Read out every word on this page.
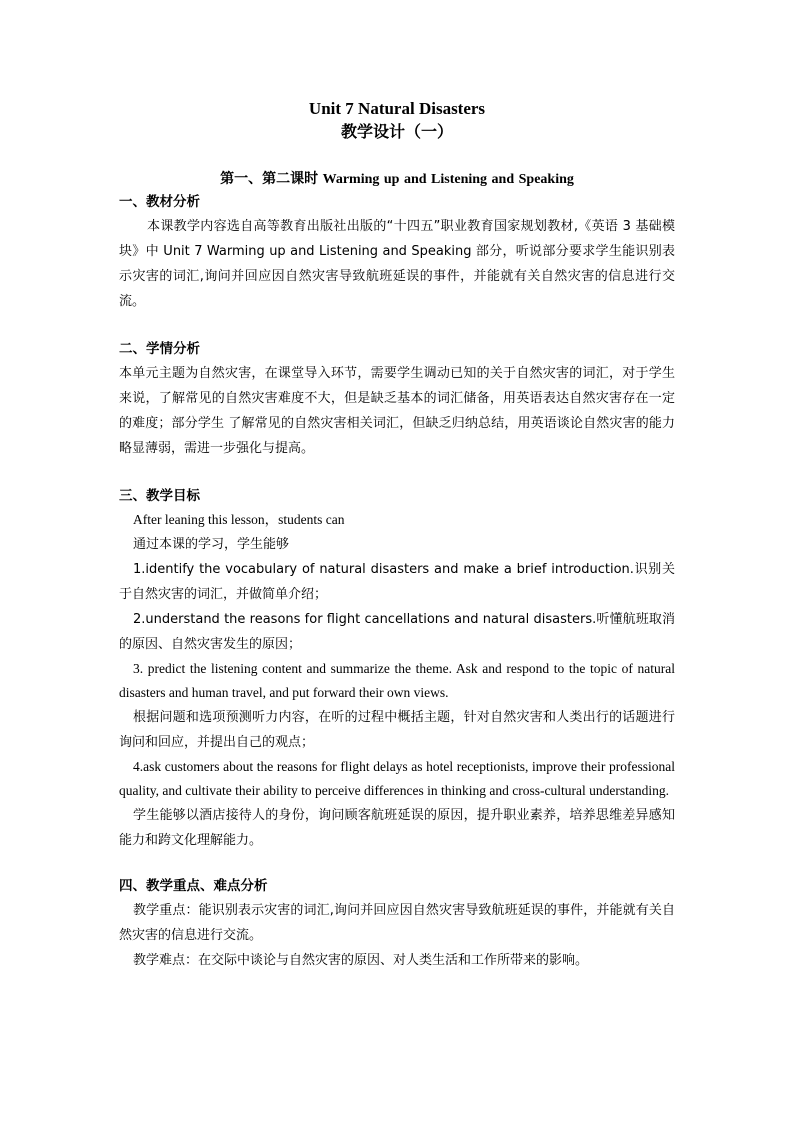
Unit 7 Natural Disasters

教学设计（一）

第一、第二课时 Warming up and Listening and Speaking

一、教材分析

本课教学内容选自高等教育出版社出版的“十四五”职业教育国家规划教材,《英语 3 基础模块》中 Unit 7 Warming up and Listening and Speaking 部分，听说部分要求学生能识别表示灾害的词汇,询问并回应因自然灾害导致航班延误的事件，并能就有关自然灾害的信息进行交流。

二、学情分析

本单元主题为自然灾害，在课堂导入环节，需要学生调动已知的关于自然灾害的词汇，对于学生来说，了解常见的自然灾害难度不大，但是缺乏基本的词汇储备，用英语表达自然灾害存在一定的难度；部分学生 了解常见的自然灾害相关词汇，但缺乏归纳总结，用英语谈论自然灾害的能力略显薄弱，需进一步强化与提高。

三、教学目标

After leaning this lesson，students can

通过本课的学习，学生能够

1.identify the vocabulary of natural disasters and make a brief introduction.识别关于自然灾害的词汇，并做简单介绍；

2.understand the reasons for flight cancellations and natural disasters.听懂航班取消的原因、自然灾害发生的原因；

3. predict the listening content and summarize the theme. Ask and respond to the topic of natural disasters and human travel, and put forward their own views.

根据问题和选项预测听力内容，在听的过程中概括主题，针对自然灾害和人类出行的话题进行询问和回应，并提出自己的观点；

4.ask customers about the reasons for flight delays as hotel receptionists, improve their professional quality, and cultivate their ability to perceive differences in thinking and cross-cultural understanding.

学生能够以酒店接待人的身份，询问顾客航班延误的原因，提升职业素养，培养思维差异感知能力和跨文化理解能力。

四、教学重点、难点分析

教学重点：能识别表示灾害的词汇,询问并回应因自然灾害导致航班延误的事件，并能就有关自然灾害的信息进行交流。

教学难点：在交际中谈论与自然灾害的原因、对人类生活和工作所带来的影响。
